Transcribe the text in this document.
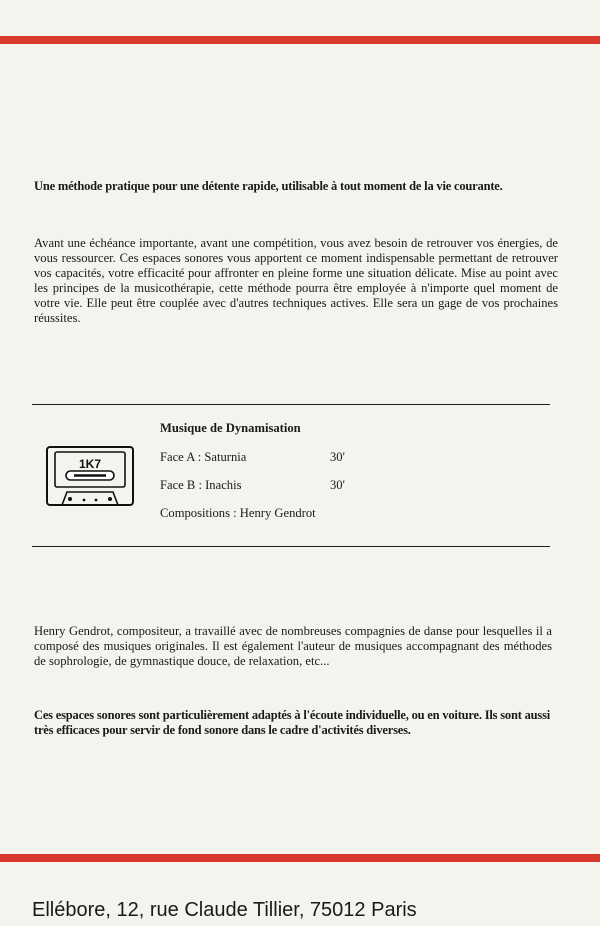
Une méthode pratique pour une détente rapide, utilisable à tout moment de la vie courante.
Avant une échéance importante, avant une compétition, vous avez besoin de retrouver vos énergies, de vous ressourcer. Ces espaces sonores vous apportent ce moment indispensable permettant de retrouver vos capacités, votre efficacité pour affronter en pleine forme une situation délicate. Mise au point avec les principes de la musicothérapie, cette méthode pourra être employée à n'importe quel moment de votre vie. Elle peut être couplée avec d'autres techniques actives. Elle sera un gage de vos prochaines réussites.
1K7
Musique de Dynamisation
Face A : Saturnia	30'
Face B : Inachis	30'
Compositions : Henry Gendrot
Henry Gendrot, compositeur, a travaillé avec de nombreuses compagnies de danse pour lesquelles il a composé des musiques originales. Il est également l'auteur de musiques accompagnant des méthodes de sophrologie, de gymnastique douce, de relaxation, etc...
Ces espaces sonores sont particulièrement adaptés à l'écoute individuelle, ou en voiture. Ils sont aussi très efficaces pour servir de fond sonore dans le cadre d'activités diverses.
Ellébore, 12, rue Claude Tillier, 75012 Paris
